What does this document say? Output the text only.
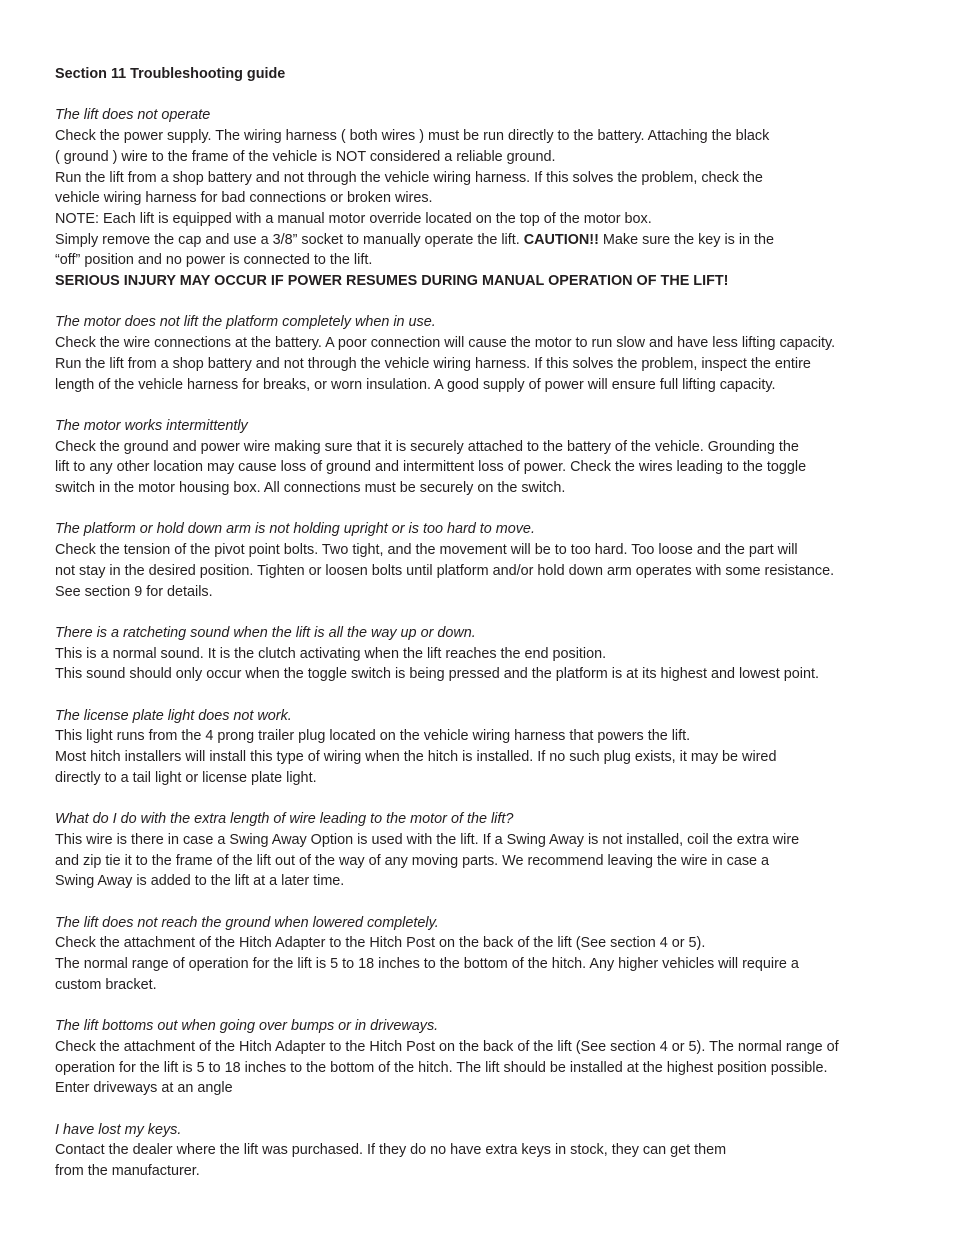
Section 11 Troubleshooting guide
The lift does not operate
Check the power supply. The wiring harness ( both wires ) must be run directly to the battery. Attaching the black
( ground ) wire to the frame of the vehicle is NOT considered a reliable ground.
Run the lift from a shop battery and not through the vehicle wiring harness. If this solves the problem, check the
vehicle wiring harness for bad connections or broken wires.
NOTE: Each lift is equipped with a manual motor override located on the top of the motor box.
Simply remove the cap and use a 3/8” socket to manually operate the lift. CAUTION!! Make sure the key is in the
“off” position and no power is connected to the lift.
SERIOUS INJURY MAY OCCUR IF POWER RESUMES DURING MANUAL OPERATION OF THE LIFT!
The motor does not lift the platform completely when in use.
Check the wire connections at the battery. A poor connection will cause the motor to run slow and have less lifting capacity.
Run the lift from a shop battery and not through the vehicle wiring harness. If this solves the problem, inspect the entire
length of the vehicle harness for breaks, or worn insulation. A good supply of power will ensure full lifting capacity.
The motor works intermittently
Check the ground and power wire making sure that it is securely attached to the battery of the vehicle. Grounding the
lift to any other location may cause loss of ground and intermittent loss of power. Check the wires leading to the toggle
switch in the motor housing box. All connections must be securely on the switch.
The platform or hold down arm is not holding upright or is too hard to move.
Check the tension of the pivot point bolts. Two tight, and the movement will be to too hard. Too loose and the part will
not stay in the desired position. Tighten or loosen bolts until platform and/or hold down arm operates with some resistance.
See section 9 for details.
There is a ratcheting sound when the lift is all the way up or down.
This is a normal sound. It is the clutch activating when the lift reaches the end position.
This sound should only occur when the toggle switch is being pressed and the platform is at its highest and lowest point.
The license plate light does not work.
This light runs from the 4 prong trailer plug located on the vehicle wiring harness that powers the lift.
Most hitch installers will install this type of wiring when the hitch is installed. If no such plug exists, it may be wired
directly to a tail light or license plate light.
What do I do with the extra length of wire leading to the motor of the lift?
This wire is there in case a Swing Away Option is used with the lift. If a Swing Away is not installed, coil the extra wire
and zip tie it to the frame of the lift out of the way of any moving parts. We recommend leaving the wire in case a
Swing Away is added to the lift at a later time.
The lift does not reach the ground when lowered completely.
Check the attachment of the Hitch Adapter to the Hitch Post on the back of the lift (See section 4 or 5).
The normal range of operation for the lift is 5 to 18 inches to the bottom of the hitch. Any higher vehicles will require a
custom bracket.
The lift bottoms out when going over bumps or in driveways.
Check the attachment of the Hitch Adapter to the Hitch Post on the back of the lift (See section 4 or 5). The normal range of
operation for the lift is 5 to 18 inches to the bottom of the hitch. The lift should be installed at the highest position possible.
Enter driveways at an angle
I have lost my keys.
Contact the dealer where the lift was purchased. If they do no have extra keys in stock, they can get them
from the manufacturer.
